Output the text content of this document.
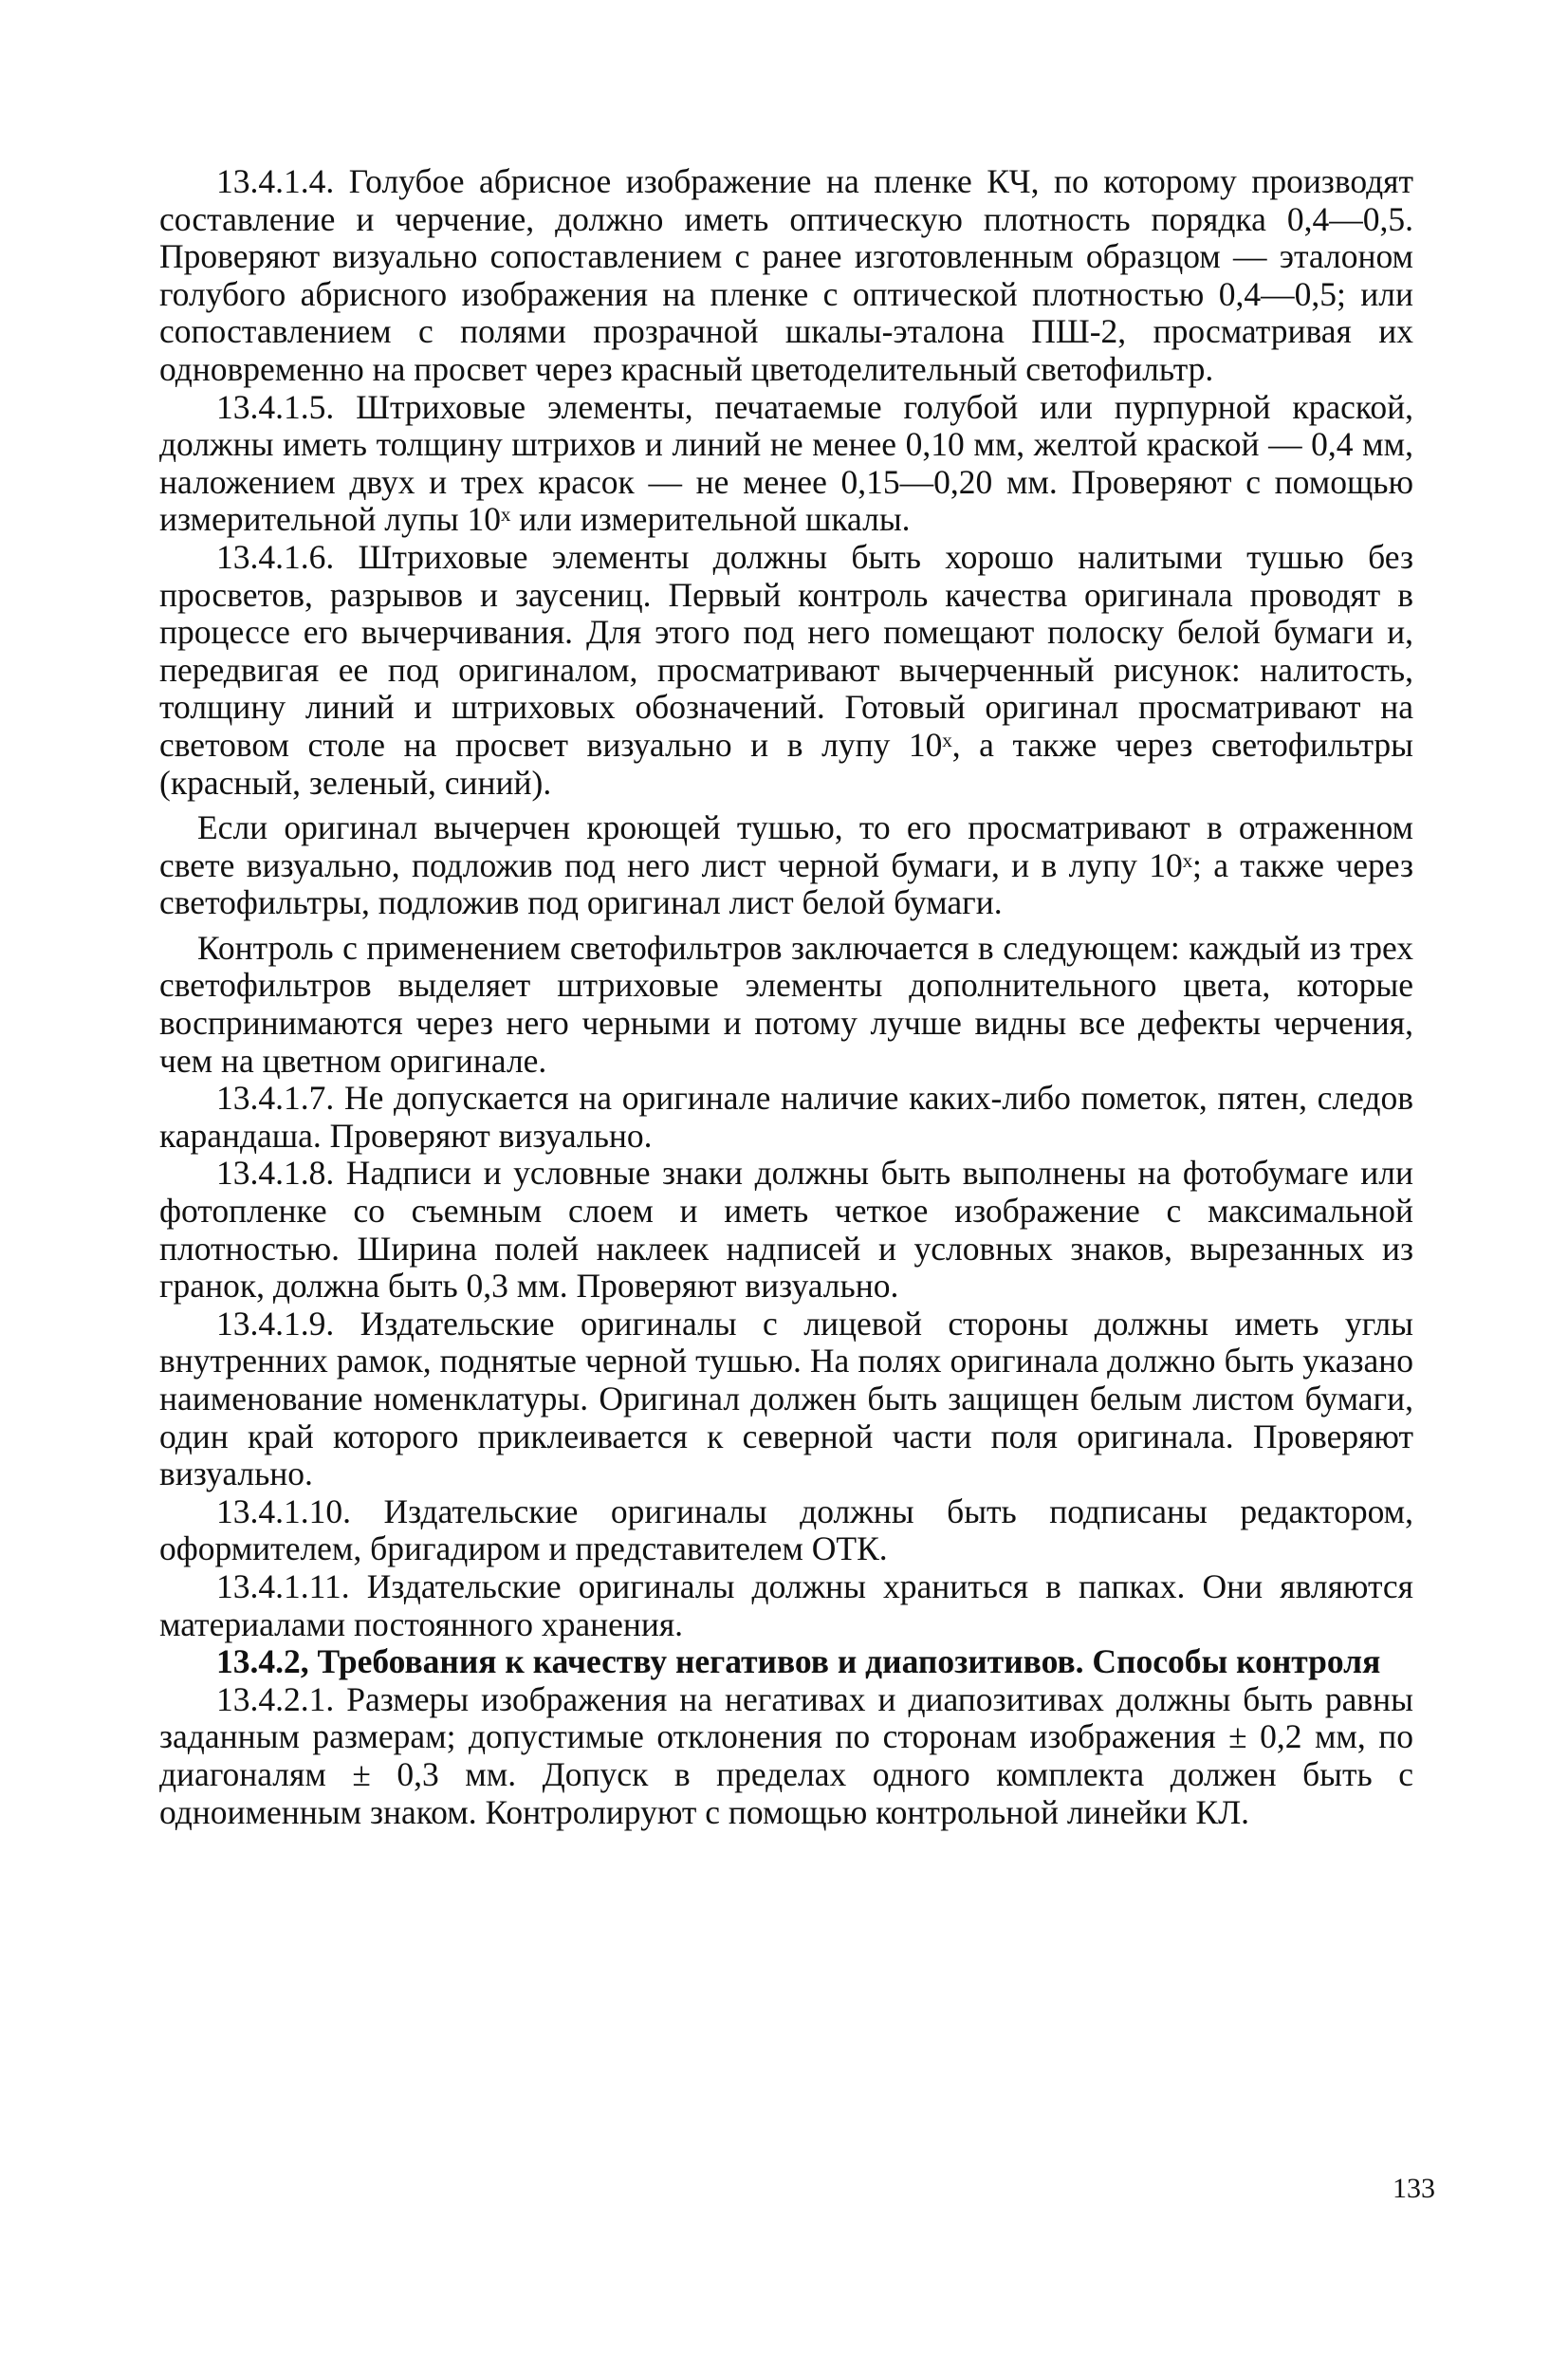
13.4.1.4. Голубое абрисное изображение на пленке КЧ, по которому производят составление и черчение, должно иметь оптическую плотность порядка 0,4—0,5. Проверяют визуально сопоставлением с ранее изготовленным образцом — эталоном голубого абрисного изображения на пленке с оптической плотностью 0,4—0,5; или сопоставлением с полями прозрачной шкалы-эталона ПШ-2, просматривая их одновременно на просвет через красный цветоделительный светофильтр.

13.4.1.5. Штриховые элементы, печатаемые голубой или пурпурной краской, должны иметь толщину штрихов и линий не менее 0,10 мм, желтой краской — 0,4 мм, наложением двух и трех красок — не менее 0,15—0,20 мм. Проверяют с помощью измерительной лупы 10ˣ или измерительной шкалы.

13.4.1.6. Штриховые элементы должны быть хорошо налитыми тушью без просветов, разрывов и заусениц. Первый контроль качества оригинала проводят в процессе его вычерчивания. Для этого под него помещают полоску белой бумаги и, передвигая ее под оригиналом, просматривают вычерченный рисунок: налитость, толщину линий и штриховых обозначений. Готовый оригинал просматривают на световом столе на просвет визуально и в лупу 10ˣ, а также через светофильтры (красный, зеленый, синий).

Если оригинал вычерчен кроющей тушью, то его просматривают в отраженном свете визуально, подложив под него лист черной бумаги, и в лупу 10ˣ; а также через светофильтры, подложив под оригинал лист белой бумаги.

Контроль с применением светофильтров заключается в следующем: каждый из трех светофильтров выделяет штриховые элементы дополнительного цвета, которые воспринимаются через него черными и потому лучше видны все дефекты черчения, чем на цветном оригинале.

13.4.1.7. Не допускается на оригинале наличие каких-либо пометок, пятен, следов карандаша. Проверяют визуально.

13.4.1.8. Надписи и условные знаки должны быть выполнены на фотобумаге или фотопленке со съемным слоем и иметь четкое изображение с максимальной плотностью. Ширина полей наклеек надписей и условных знаков, вырезанных из гранок, должна быть 0,3 мм. Проверяют визуально.

13.4.1.9. Издательские оригиналы с лицевой стороны должны иметь углы внутренних рамок, поднятые черной тушью. На полях оригинала должно быть указано наименование номенклатуры. Оригинал должен быть защищен белым листом бумаги, один край которого приклеивается к северной части поля оригинала. Проверяют визуально.

13.4.1.10. Издательские оригиналы должны быть подписаны редактором, оформителем, бригадиром и представителем ОТК.

13.4.1.11. Издательские оригиналы должны храниться в папках. Они являются материалами постоянного хранения.

13.4.2, Требования к качеству негативов и диапозитивов. Способы контроля

13.4.2.1. Размеры изображения на негативах и диапозитивах должны быть равны заданным размерам; допустимые отклонения по сторонам изображения ± 0,2 мм, по диагоналям ± 0,3 мм. Допуск в пределах одного комплекта должен быть с одноименным знаком. Контролируют с помощью контрольной линейки КЛ.

133
